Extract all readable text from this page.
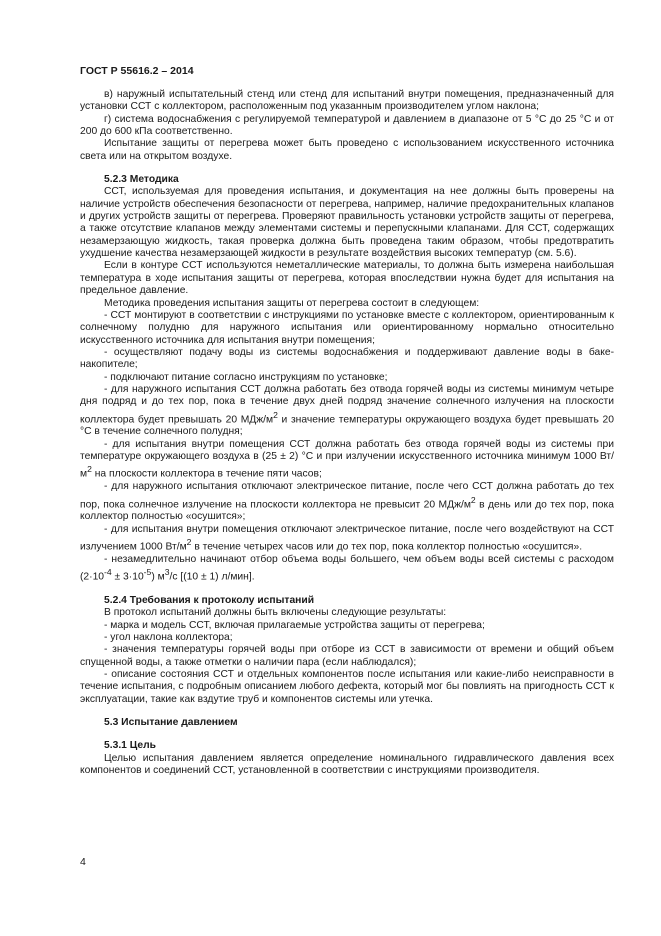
ГОСТ Р 55616.2 – 2014

в) наружный испытательный стенд или стенд для испытаний внутри помещения, предназначенный для установки ССТ с коллектором, расположенным под указанным производителем углом наклона;

г) система водоснабжения с регулируемой температурой и давлением в диапазоне от 5 °С до 25 °С и от 200 до 600 кПа соответственно.

Испытание защиты от перегрева может быть проведено с использованием искусственного источника света или на открытом воздухе.

5.2.3 Методика

ССТ, используемая для проведения испытания, и документация на нее должны быть проверены на наличие устройств обеспечения безопасности от перегрева, например, наличие предохранительных клапанов и других устройств защиты от перегрева. Проверяют правильность установки устройств защиты от перегрева, а также отсутствие клапанов между элементами системы и перепускными клапанами. Для ССТ, содержащих незамерзающую жидкость, такая проверка должна быть проведена таким образом, чтобы предотвратить ухудшение качества незамерзающей жидкости в результате воздействия высоких температур (см. 5.6).

Если в контуре ССТ используются неметаллические материалы, то должна быть измерена наибольшая температура в ходе испытания защиты от перегрева, которая впоследствии нужна будет для испытания на предельное давление.

Методика проведения испытания защиты от перегрева состоит в следующем:

- ССТ монтируют в соответствии с инструкциями по установке вместе с коллектором, ориентированным к солнечному полудню для наружного испытания или ориентированному нормально относительно искусственного источника для испытания внутри помещения;

- осуществляют подачу воды из системы водоснабжения и поддерживают давление воды в баке-накопителе;

- подключают питание согласно инструкциям по установке;

- для наружного испытания ССТ должна работать без отвода горячей воды из системы минимум четыре дня подряд и до тех пор, пока в течение двух дней подряд значение солнечного излучения на плоскости коллектора будет превышать 20 МДж/$м^2$ и значение температуры окружающего воздуха будет превышать 20 °С в течение солнечного полудня;

- для испытания внутри помещения ССТ должна работать без отвода горячей воды из системы при температуре окружающего воздуха в (25 ± 2) °С и при излучении искусственного источника минимум 1000 $Вт/м^2$ на плоскости коллектора в течение пяти часов;

- для наружного испытания отключают электрическое питание, после чего ССТ должна работать до тех пор, пока солнечное излучение на плоскости коллектора не превысит 20 МДж/$м^2$ в день или до тех пор, пока коллектор полностью «осушится»;

- для испытания внутри помещения отключают электрическое питание, после чего воздействуют на ССТ излучением 1000 $Вт/м^2$ в течение четырех часов или до тех пор, пока коллектор полностью «осушится».

- незамедлительно начинают отбор объема воды большего, чем объем воды всей системы с расходом $(2\cdot 10^{-4} \pm 3\cdot 10^{-5})$ $м^3/с$ [(10 ± 1) л/мин].

5.2.4 Требования к протоколу испытаний

В протокол испытаний должны быть включены следующие результаты:

- марка и модель ССТ, включая прилагаемые устройства защиты от перегрева;

- угол наклона коллектора;

- значения температуры горячей воды при отборе из ССТ в зависимости от времени и общий объем спущенной воды, а также отметки о наличии пара (если наблюдался);

- описание состояния ССТ и отдельных компонентов после испытания или какие-либо неисправности в течение испытания, с подробным описанием любого дефекта, который мог бы повлиять на пригодность ССТ к эксплуатации, такие как вздутие труб и компонентов системы или утечка.

5.3 Испытание давлением

5.3.1 Цель

Целью испытания давлением является определение номинального гидравлического давления всех компонентов и соединений ССТ, установленной в соответствии с инструкциями производителя.

4
